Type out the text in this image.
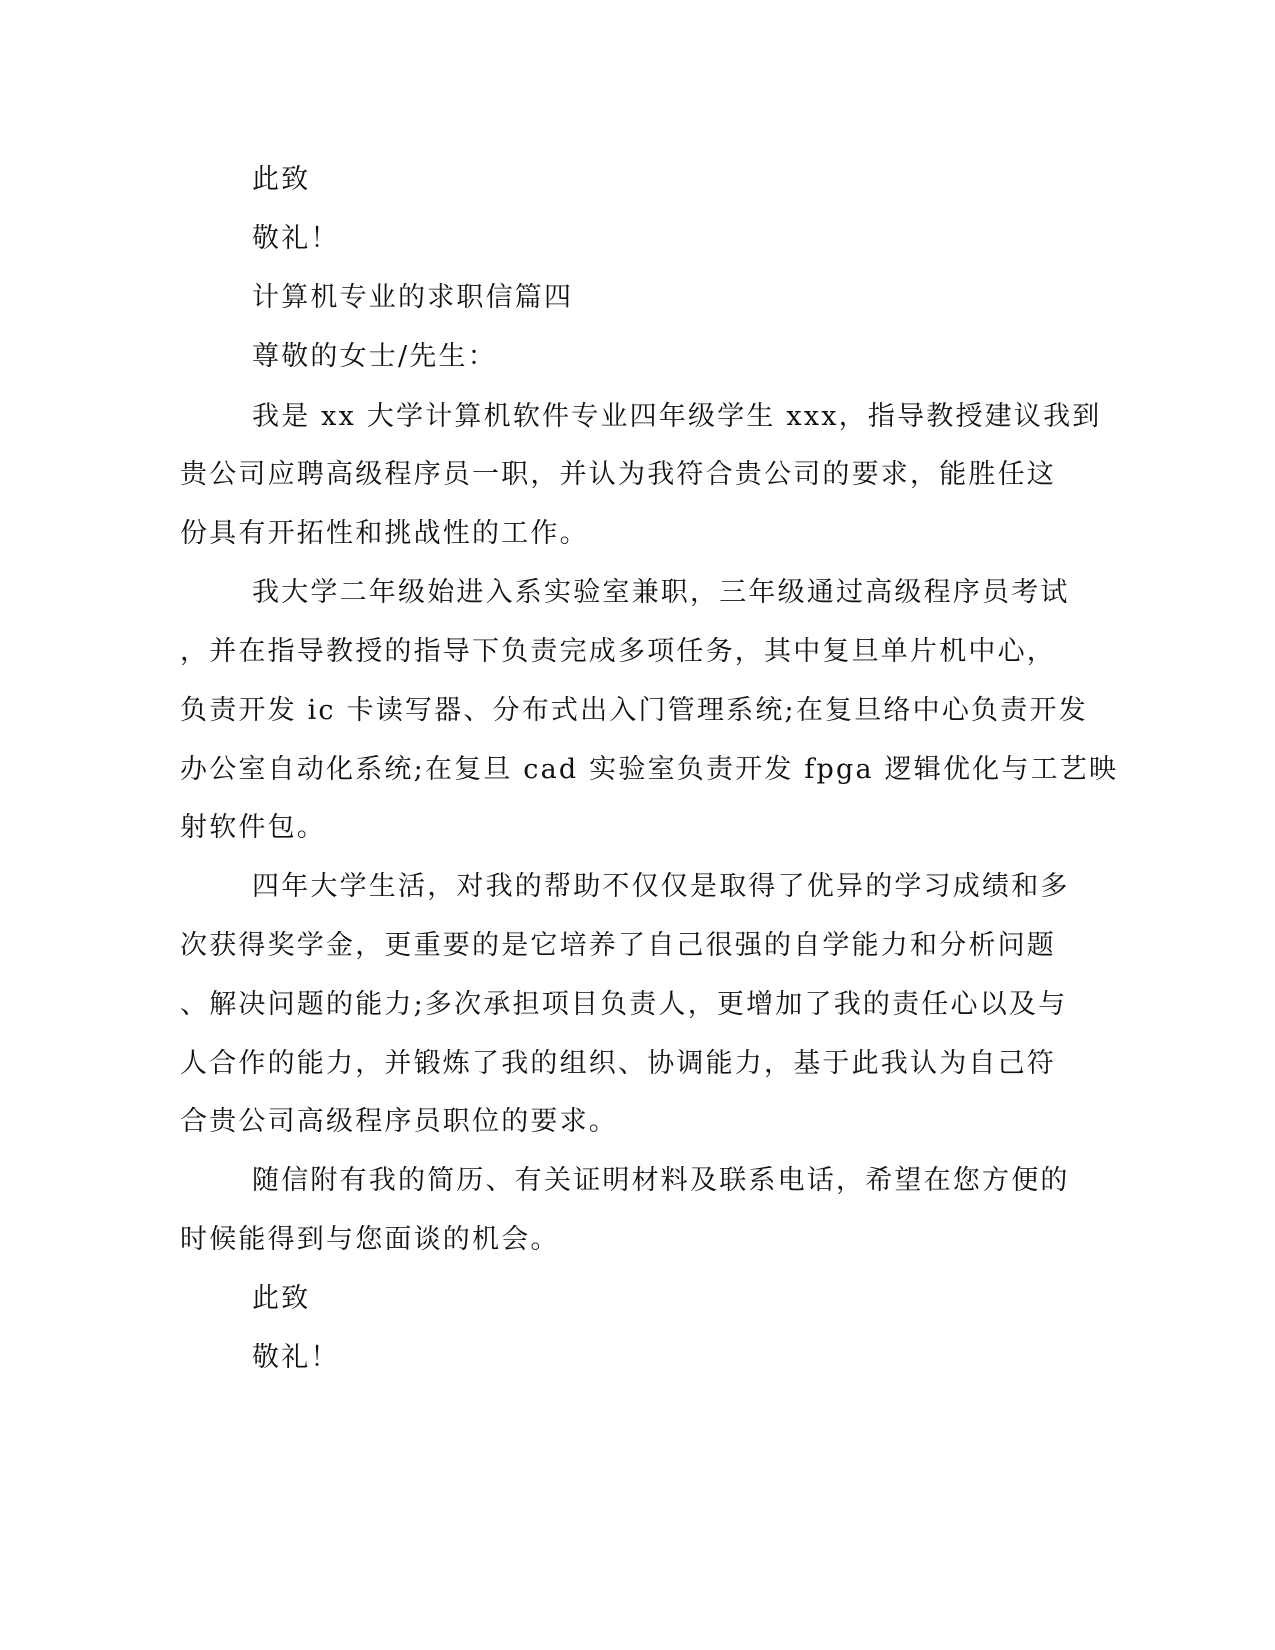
此致

敬礼！

计算机专业的求职信篇四

尊敬的女士/先生：

我是 xx 大学计算机软件专业四年级学生 xxx，指导教授建议我到

贵公司应聘高级程序员一职，并认为我符合贵公司的要求，能胜任这

份具有开拓性和挑战性的工作。

我大学二年级始进入系实验室兼职，三年级通过高级程序员考试

，并在指导教授的指导下负责完成多项任务，其中复旦单片机中心，

负责开发 ic 卡读写器、分布式出入门管理系统;在复旦络中心负责开发

办公室自动化系统;在复旦 cad 实验室负责开发 fpga 逻辑优化与工艺映

射软件包。

四年大学生活，对我的帮助不仅仅是取得了优异的学习成绩和多

次获得奖学金，更重要的是它培养了自己很强的自学能力和分析问题

、解决问题的能力;多次承担项目负责人，更增加了我的责任心以及与

人合作的能力，并锻炼了我的组织、协调能力，基于此我认为自己符

合贵公司高级程序员职位的要求。

随信附有我的简历、有关证明材料及联系电话，希望在您方便的

时候能得到与您面谈的机会。

此致

敬礼！
